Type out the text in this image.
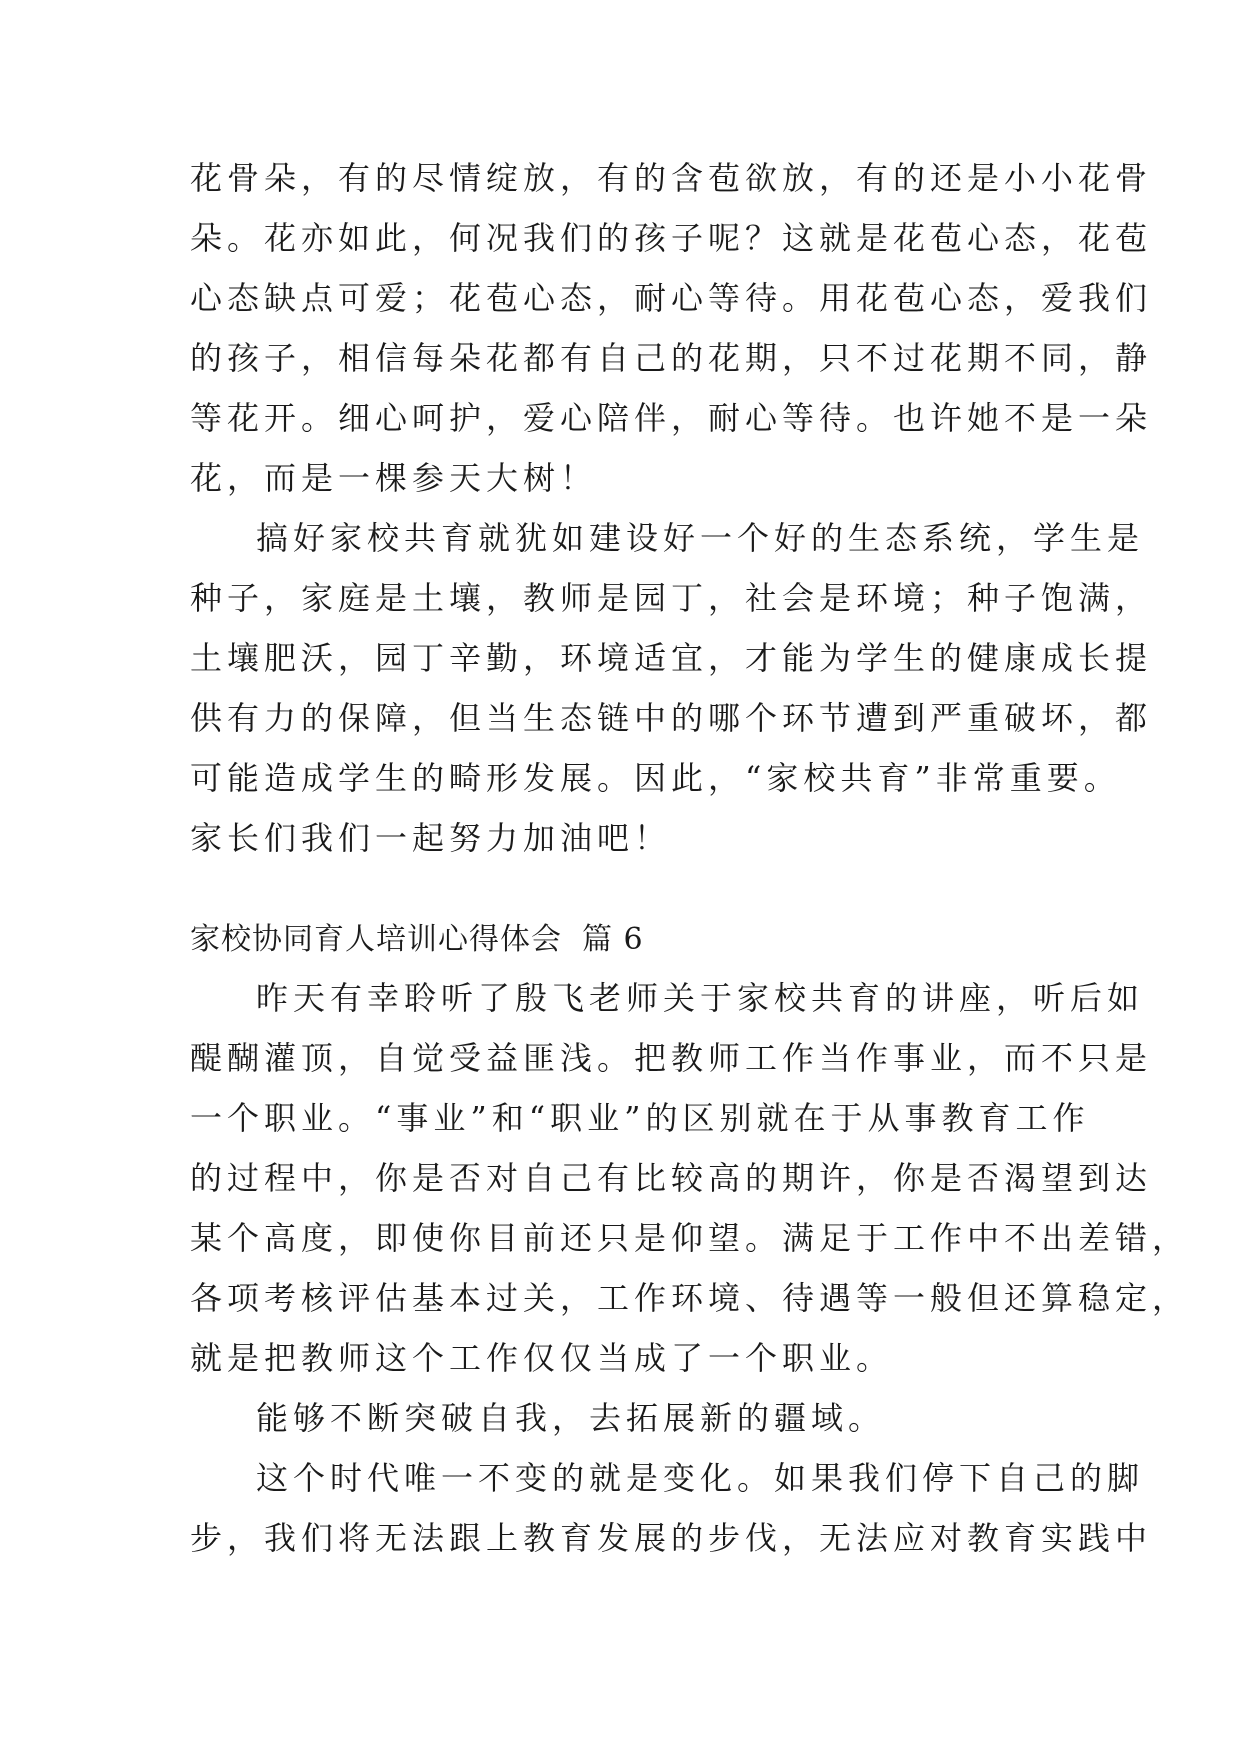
花骨朵，有的尽情绽放，有的含苞欲放，有的还是小小花骨
朵。花亦如此，何况我们的孩子呢？这就是花苞心态，花苞
心态缺点可爱；花苞心态，耐心等待。用花苞心态，爱我们
的孩子，相信每朵花都有自己的花期，只不过花期不同，静
等花开。细心呵护，爱心陪伴，耐心等待。也许她不是一朵
花，而是一棵参天大树！
搞好家校共育就犹如建设好一个好的生态系统，学生是
种子，家庭是土壤，教师是园丁，社会是环境；种子饱满，
土壤肥沃，园丁辛勤，环境适宜，才能为学生的健康成长提
供有力的保障，但当生态链中的哪个环节遭到严重破坏，都
可能造成学生的畸形发展。因此，“家校共育”非常重要。
家长们我们一起努力加油吧！
家校协同育人培训心得体会 篇 6
昨天有幸聆听了殷飞老师关于家校共育的讲座，听后如
醍醐灌顶，自觉受益匪浅。把教师工作当作事业，而不只是
一个职业。“事业”和“职业”的区别就在于从事教育工作
的过程中，你是否对自己有比较高的期许，你是否渴望到达
某个高度，即使你目前还只是仰望。满足于工作中不出差错，
各项考核评估基本过关，工作环境、待遇等一般但还算稳定，
就是把教师这个工作仅仅当成了一个职业。
能够不断突破自我，去拓展新的疆域。
这个时代唯一不变的就是变化。如果我们停下自己的脚
步，我们将无法跟上教育发展的步伐，无法应对教育实践中
